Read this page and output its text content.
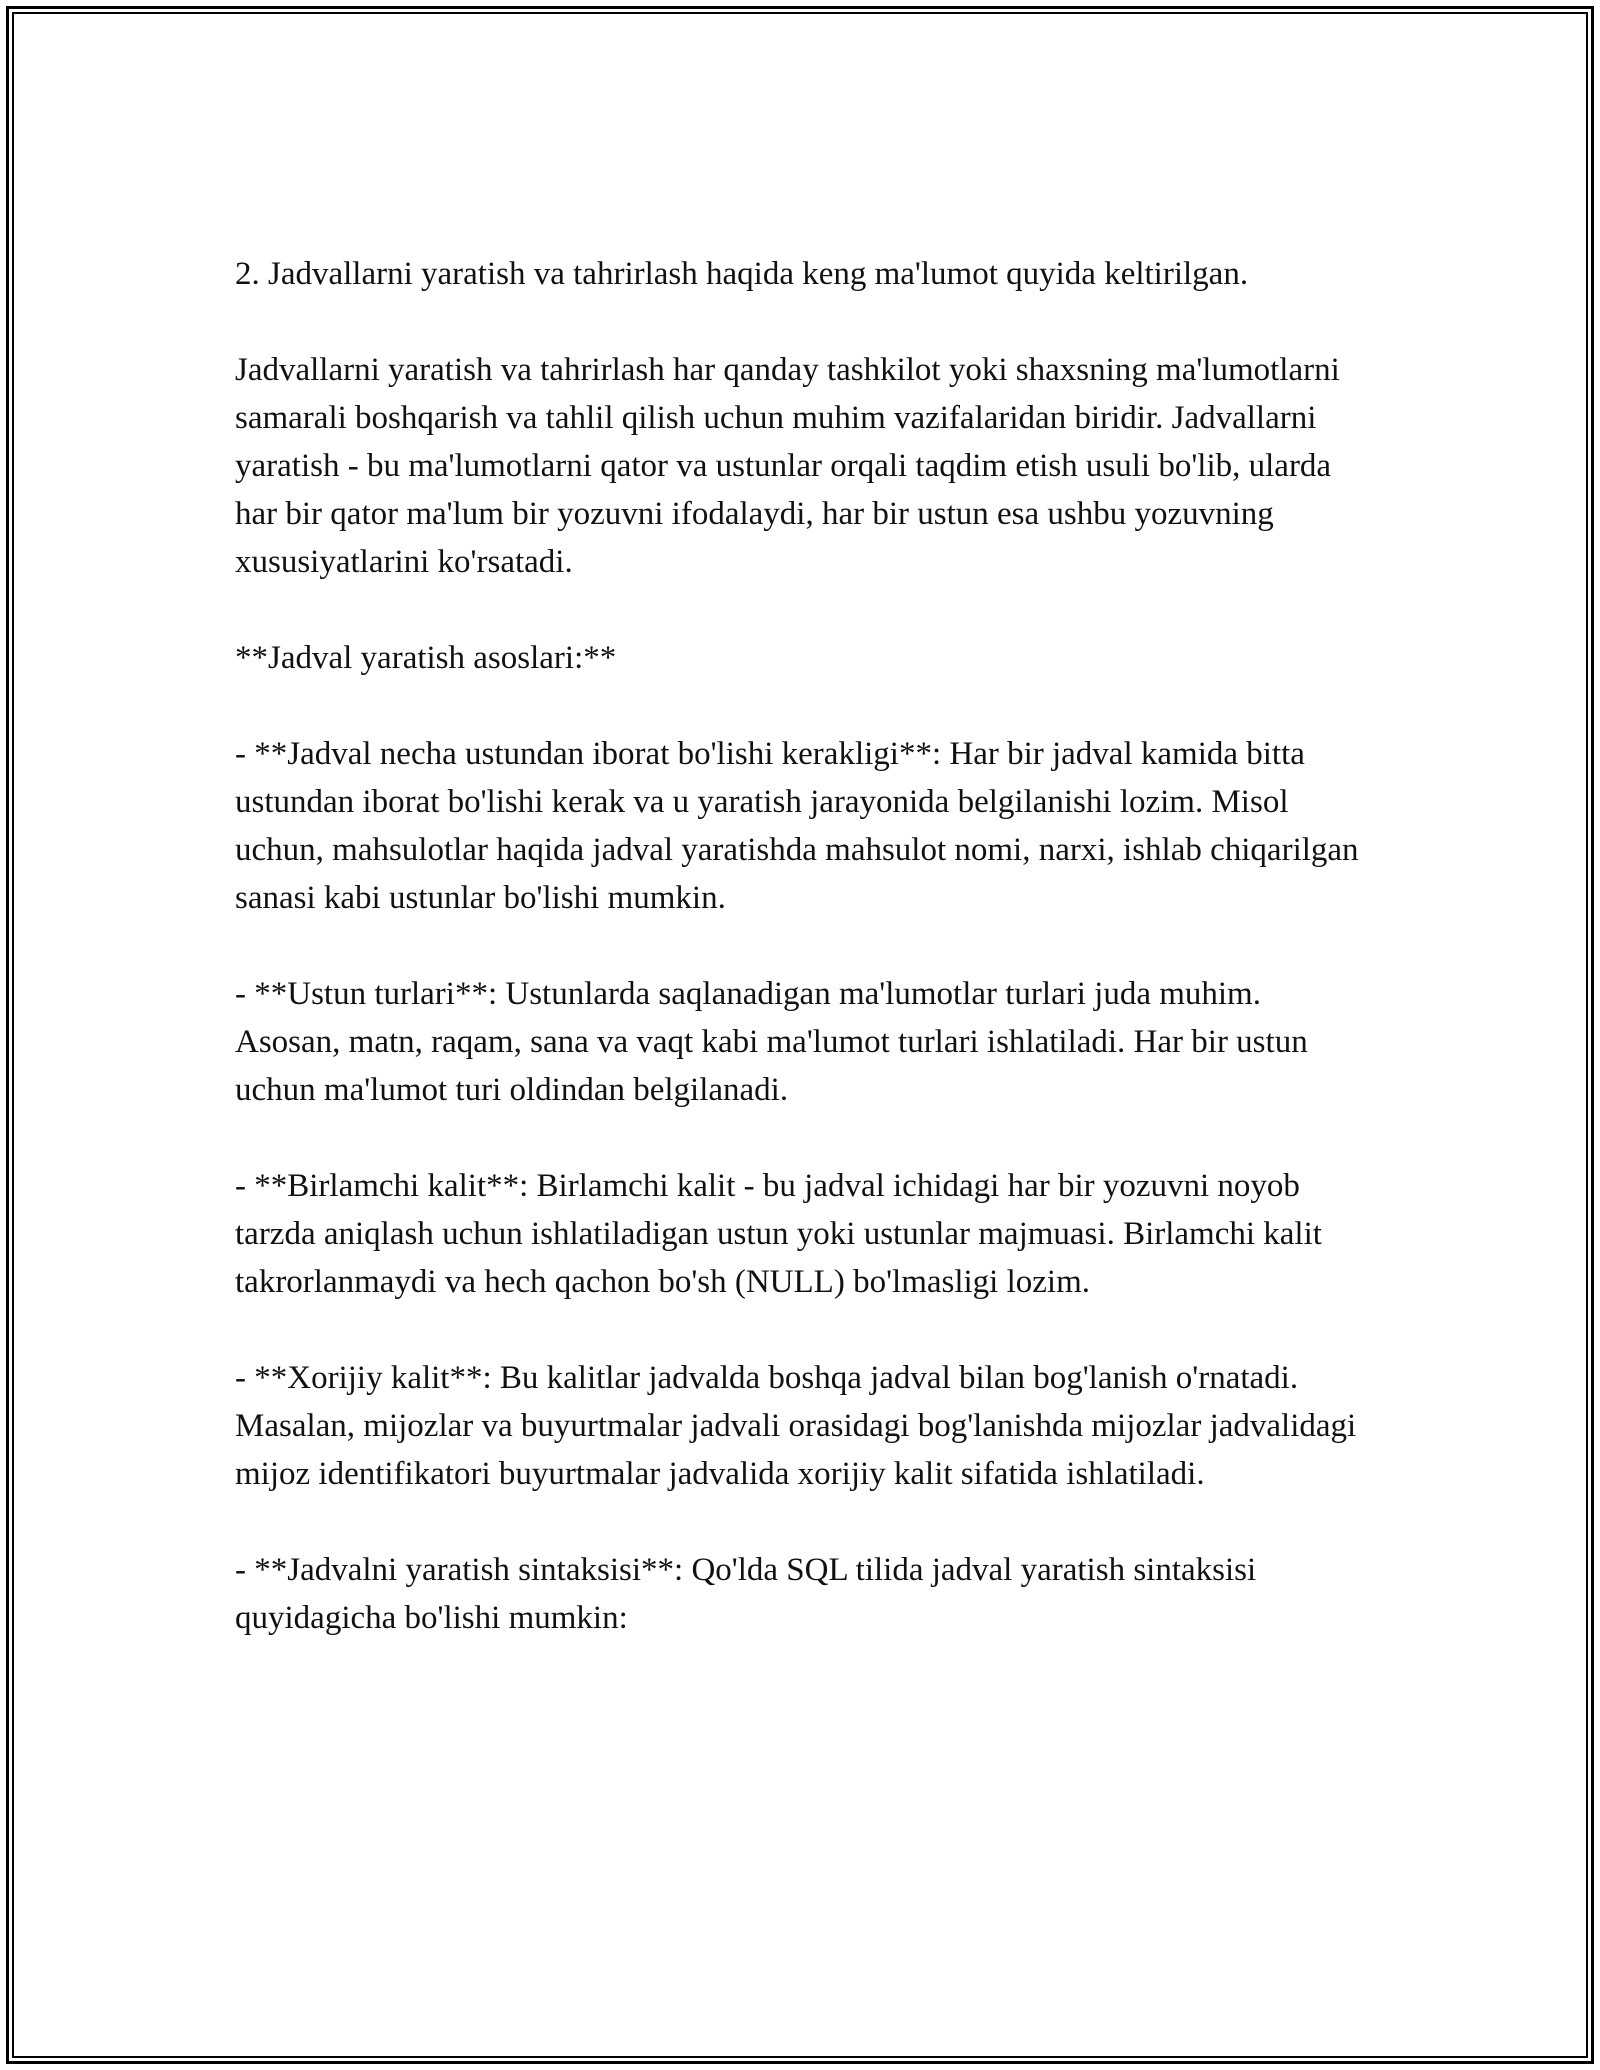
2. Jadvallarni yaratish va tahrirlash haqida keng ma'lumot quyida keltirilgan.

Jadvallarni yaratish va tahrirlash har qanday tashkilot yoki shaxsning ma'lumotlarni samarali boshqarish va tahlil qilish uchun muhim vazifalaridan biridir. Jadvallarni yaratish - bu ma'lumotlarni qator va ustunlar orqali taqdim etish usuli bo'lib, ularda har bir qator ma'lum bir yozuvni ifodalaydi, har bir ustun esa ushbu yozuvning xususiyatlarini ko'rsatadi.

**Jadval yaratish asoslari:**

- **Jadval necha ustundan iborat bo'lishi kerakligi**: Har bir jadval kamida bitta ustundan iborat bo'lishi kerak va u yaratish jarayonida belgilanishi lozim. Misol uchun, mahsulotlar haqida jadval yaratishda mahsulot nomi, narxi, ishlab chiqarilgan sanasi kabi ustunlar bo'lishi mumkin.

- **Ustun turlari**: Ustunlarda saqlanadigan ma'lumotlar turlari juda muhim. Asosan, matn, raqam, sana va vaqt kabi ma'lumot turlari ishlatiladi. Har bir ustun uchun ma'lumot turi oldindan belgilanadi.

- **Birlamchi kalit**: Birlamchi kalit - bu jadval ichidagi har bir yozuvni noyob tarzda aniqlash uchun ishlatiladigan ustun yoki ustunlar majmuasi. Birlamchi kalit takrorlanmaydi va hech qachon bo'sh (NULL) bo'lmasligi lozim.

- **Xorijiy kalit**: Bu kalitlar jadvalda boshqa jadval bilan bog'lanish o'rnatadi. Masalan, mijozlar va buyurtmalar jadvali orasidagi bog'lanishda mijozlar jadvalidagi mijoz identifikatori buyurtmalar jadvalida xorijiy kalit sifatida ishlatiladi.

- **Jadvalni yaratish sintaksisi**: Qo'lda SQL tilida jadval yaratish sintaksisi quyidagicha bo'lishi mumkin:
